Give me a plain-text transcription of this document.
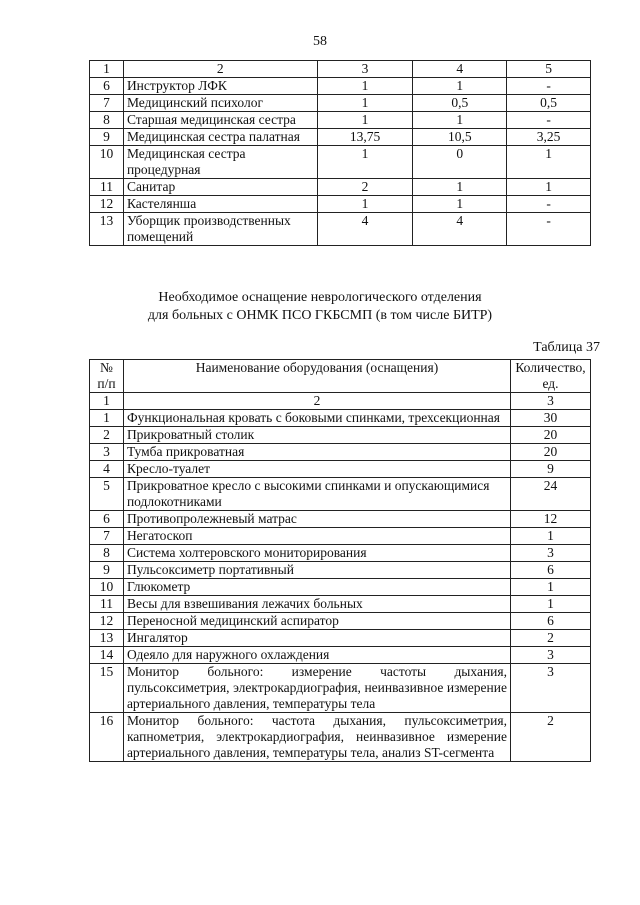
58
1	2	3	4	5
6	Инструктор ЛФК	1	1	-
7	Медицинский психолог	1	0,5	0,5
8	Старшая медицинская сестра	1	1	-
9	Медицинская сестра палатная	13,75	10,5	3,25
10	Медицинская сестра процедурная	1	0	1
11	Санитар	2	1	1
12	Кастелянша	1	1	-
13	Уборщик производственных помещений	4	4	-
Необходимое оснащение неврологического отделения
для больных с ОНМК ПСО ГКБСМП (в том числе БИТР)
Таблица 37
№ п/п	Наименование оборудования (оснащения)	Количество, ед.
1	2	3
1	Функциональная кровать с боковыми спинками, трехсекционная	30
2	Прикроватный столик	20
3	Тумба прикроватная	20
4	Кресло-туалет	9
5	Прикроватное кресло с высокими спинками и опускающимися подлокотниками	24
6	Противопролежневый матрас	12
7	Негатоскоп	1
8	Система холтеровского мониторирования	3
9	Пульсоксиметр портативный	6
10	Глюкометр	1
11	Весы для взвешивания лежачих больных	1
12	Переносной медицинский аспиратор	6
13	Ингалятор	2
14	Одеяло для наружного охлаждения	3
15	Монитор больного: измерение частоты дыхания, пульсоксиметрия, электрокардиография, неинвазивное измерение артериального давления, температуры тела	3
16	Монитор больного: частота дыхания, пульсоксиметрия, капнометрия, электрокардиография, неинвазивное измерение артериального давления, температуры тела, анализ ST-сегмента	2
